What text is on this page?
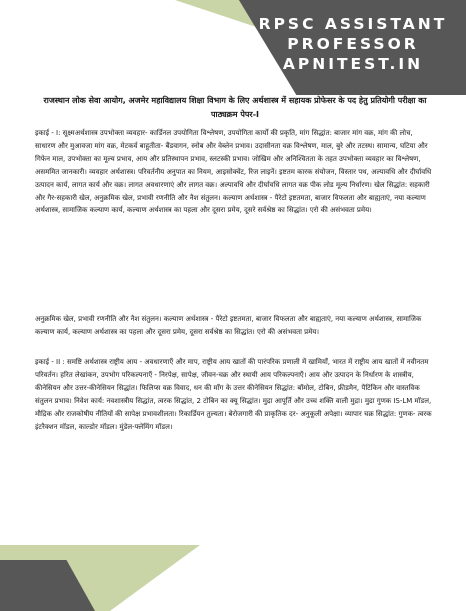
RPSC ASSISTANT
PROFESSOR
APNITEST.IN

राजस्थान लोक सेवा आयोग, अजमेर महाविद्यालय शिक्षा विभाग के लिए अर्थशास्त्र में सहायक प्रोफेसर के पद हेतु प्रतियोगी परीक्षा का पाठ्यक्रम पेपर-I

इकाई - I: सूक्ष्मअर्थशास्त्र उपभोक्ता व्यवहार- कार्डिनल उपयोगिता विश्लेषण, उपयोगिता कार्यों की प्रकृति, मांग सिद्धांत: बाजार मांग वक्र, मांग की लोच, साधारण और मुआवजा मांग वक्र, मेटकर्व बाहुतीता- बैंडवागन, स्नोब और वेब्लेन प्रभाव। उदासीनता वक्र विश्लेषण, माल, बुरे और तटस्थ। सामान्य, घटिया और गिफेन माल, उपभोक्ता का मूल्य प्रभाव, आय और प्रतिस्थापन प्रभाव, स्लटस्की प्रभाव। जोखिम और अनिश्चितता के तहत उपभोक्ता व्यवहार का विश्लेषण, असममित जानकारी। व्यवहार अर्थशास्त्र। परिवर्तनीय अनुपात का नियम, आइसोक्वेंट, रिज लाइनें। इष्टतम कारक संयोजन, विस्तार पथ, अल्पावधि और दीर्घावधि उत्पादन कार्य, लागत कार्य और वक्र। लागत अवधारणाएं और लागत वक्र। अल्पावधि और दीर्घावधि लागत वक्र पीक लोड मूल्य निर्धारण। खेल सिद्धांत: सहकारी और गैर-सहकारी खेल, अनुक्रमिक खेल, प्रभावी रणनीति और नैश संतुलन। कल्याण अर्थशास्त्र - पैरेटो इष्टतमता, बाजार विफलता और बाह्यताएं, नया कल्याण अर्थशास्त्र, सामाजिक कल्याण कार्य, कल्याण अर्थशास्त्र का पहला और दूसरा प्रमेय, दूसरे सर्वश्रेष्ठ का सिद्धांत। एरो की असंभवता प्रमेय।

अनुक्रमिक खेल, प्रभावी रणनीति और नैश संतुलन। कल्याण अर्थशास्त्र - पैरेटो इष्टतमता, बाजार विफलता और बाह्यताएं, नया कल्याण अर्थशास्त्र, सामाजिक कल्याण कार्य, कल्याण अर्थशास्त्र का पहला और दूसरा प्रमेय, दूसरा सर्वश्रेष्ठ का सिद्धांत। एरो की असंभवता प्रमेय।

इकाई - II : समष्टि अर्थशास्त्र राष्ट्रीय आय - अवधारणाएँ और माप, राष्ट्रीय आय खातों की पारंपरिक प्रणाली में खामियाँ, भारत में राष्ट्रीय आय खातों में नवीनतम परिवर्तन। हरित लेखांकन, उपभोग परिकल्पनाएँ - निरपेक्ष, सापेक्ष, जीवन-चक्र और स्थायी आय परिकल्पनाएँ। आय और उत्पादन के निर्धारण के शास्त्रीय, कीनेसियन और उत्तर-कीनेसियन सिद्धांत। फिलिप्स वक्र विवाद, धन की माँग के उत्तर कीनेसियन सिद्धांत: बॉमोल, टोबिन, फ्रीडमैन, पैटिंकिन और वास्तविक संतुलन प्रभाव। निवेश कार्य: नवशास्त्रीय सिद्धांत, त्वरक सिद्धांत, 2 टोबिन का क्यू सिद्धांत। मुद्रा आपूर्ति और उच्च शक्ति वाली मुद्रा। मुद्रा गुणक IS-LM मॉडल, मौद्रिक और राजकोषीय नीतियों की सापेक्ष प्रभावशीलता। रिकार्डियन तुल्यता। बेरोजगारी की प्राकृतिक दर- अनुकूली अपेक्षा। व्यापार चक्र सिद्धांत: गुणक- त्वरक इंटरैक्शन मॉडल, काल्डोर मॉडल। मुंडेल-फ्लेमिंग मॉडल।
